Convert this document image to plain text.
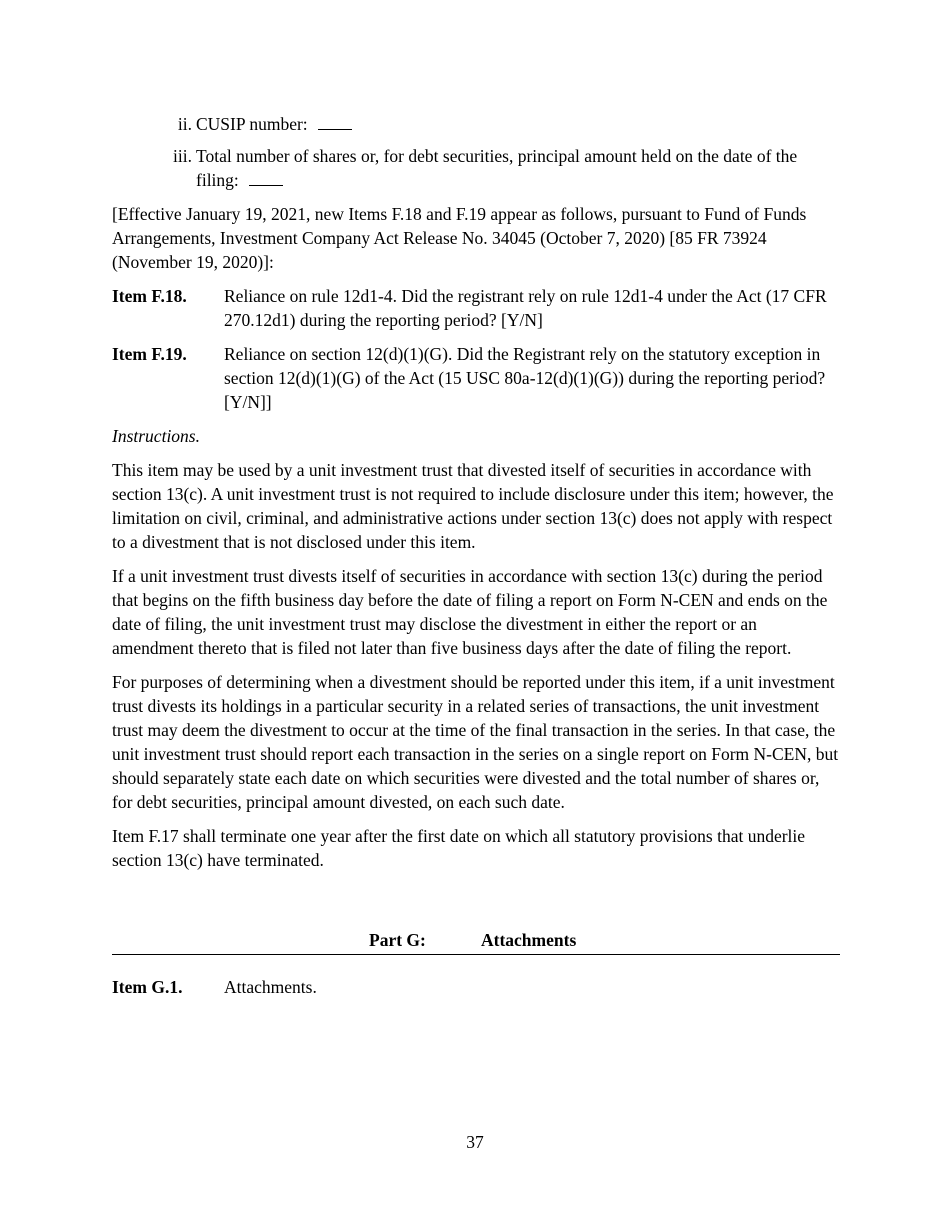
ii. CUSIP number:
iii. Total number of shares or, for debt securities, principal amount held on the date of the filing:

[Effective January 19, 2021, new Items F.18 and F.19 appear as follows, pursuant to Fund of Funds Arrangements, Investment Company Act Release No. 34045 (October 7, 2020) [85 FR 73924 (November 19, 2020)]:

Item F.18.	Reliance on rule 12d1-4. Did the registrant rely on rule 12d1-4 under the Act (17 CFR 270.12d1) during the reporting period? [Y/N]
Item F.19.	Reliance on section 12(d)(1)(G). Did the Registrant rely on the statutory exception in section 12(d)(1)(G) of the Act (15 USC 80a-12(d)(1)(G)) during the reporting period? [Y/N]]

Instructions.

This item may be used by a unit investment trust that divested itself of securities in accordance with section 13(c). A unit investment trust is not required to include disclosure under this item; however, the limitation on civil, criminal, and administrative actions under section 13(c) does not apply with respect to a divestment that is not disclosed under this item.

If a unit investment trust divests itself of securities in accordance with section 13(c) during the period that begins on the fifth business day before the date of filing a report on Form N-CEN and ends on the date of filing, the unit investment trust may disclose the divestment in either the report or an amendment thereto that is filed not later than five business days after the date of filing the report.

For purposes of determining when a divestment should be reported under this item, if a unit investment trust divests its holdings in a particular security in a related series of transactions, the unit investment trust may deem the divestment to occur at the time of the final transaction in the series. In that case, the unit investment trust should report each transaction in the series on a single report on Form N-CEN, but should separately state each date on which securities were divested and the total number of shares or, for debt securities, principal amount divested, on each such date.

Item F.17 shall terminate one year after the first date on which all statutory provisions that underlie section 13(c) have terminated.

Part G:	Attachments
Item G.1.	Attachments.
37
